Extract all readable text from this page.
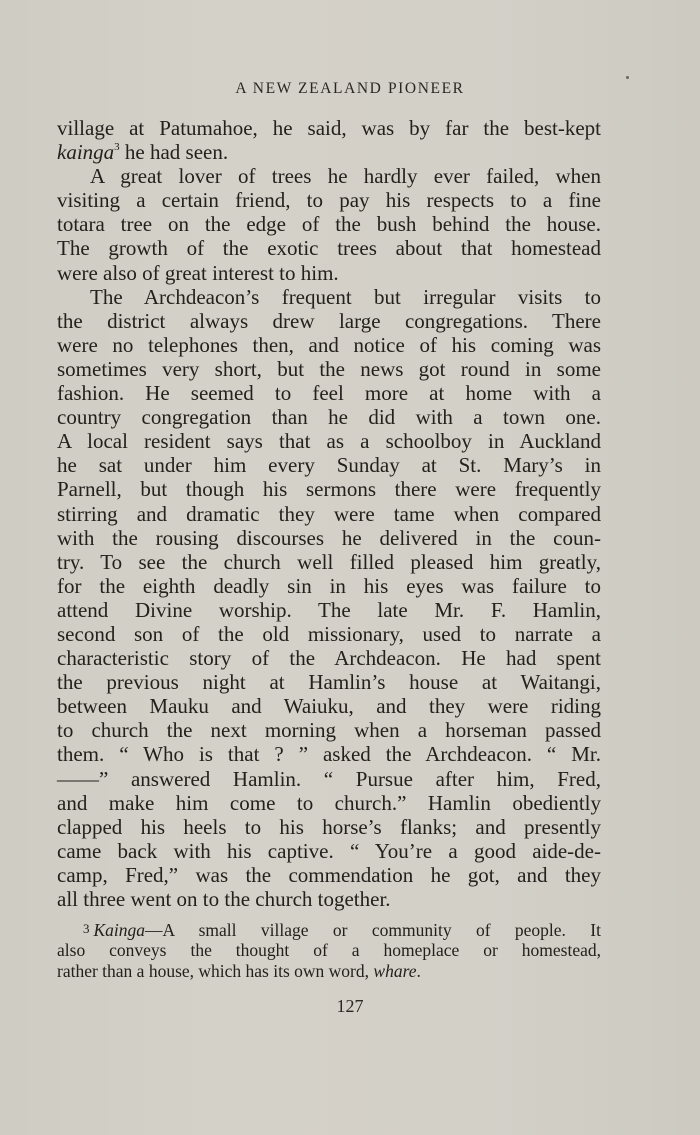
A NEW ZEALAND PIONEER
village at Patumahoe, he said, was by far the best-kept
kainga$^3$ he had seen.
A great lover of trees he hardly ever failed, when
visiting a certain friend, to pay his respects to a fine
totara tree on the edge of the bush behind the house.
The growth of the exotic trees about that homestead
were also of great interest to him.
The Archdeacon’s frequent but irregular visits to
the district always drew large congregations. There
were no telephones then, and notice of his coming was
sometimes very short, but the news got round in some
fashion. He seemed to feel more at home with a
country congregation than he did with a town one.
A local resident says that as a schoolboy in Auckland
he sat under him every Sunday at St. Mary’s in
Parnell, but though his sermons there were frequently
stirring and dramatic they were tame when compared
with the rousing discourses he delivered in the coun-
try. To see the church well filled pleased him greatly,
for the eighth deadly sin in his eyes was failure to
attend Divine worship. The late Mr. F. Hamlin,
second son of the old missionary, used to narrate a
characteristic story of the Archdeacon. He had spent
the previous night at Hamlin’s house at Waitangi,
between Mauku and Waiuku, and they were riding
to church the next morning when a horseman passed
them. “ Who is that ? ” asked the Archdeacon. “ Mr.
——” answered Hamlin. “ Pursue after him, Fred,
and make him come to church.” Hamlin obediently
clapped his heels to his horse’s flanks; and presently
came back with his captive. “ You’re a good aide-de-
camp, Fred,” was the commendation he got, and they
all three went on to the church together.
3 Kainga—A small village or community of people. It
also conveys the thought of a homeplace or homestead,
rather than a house, which has its own word, whare.
127
